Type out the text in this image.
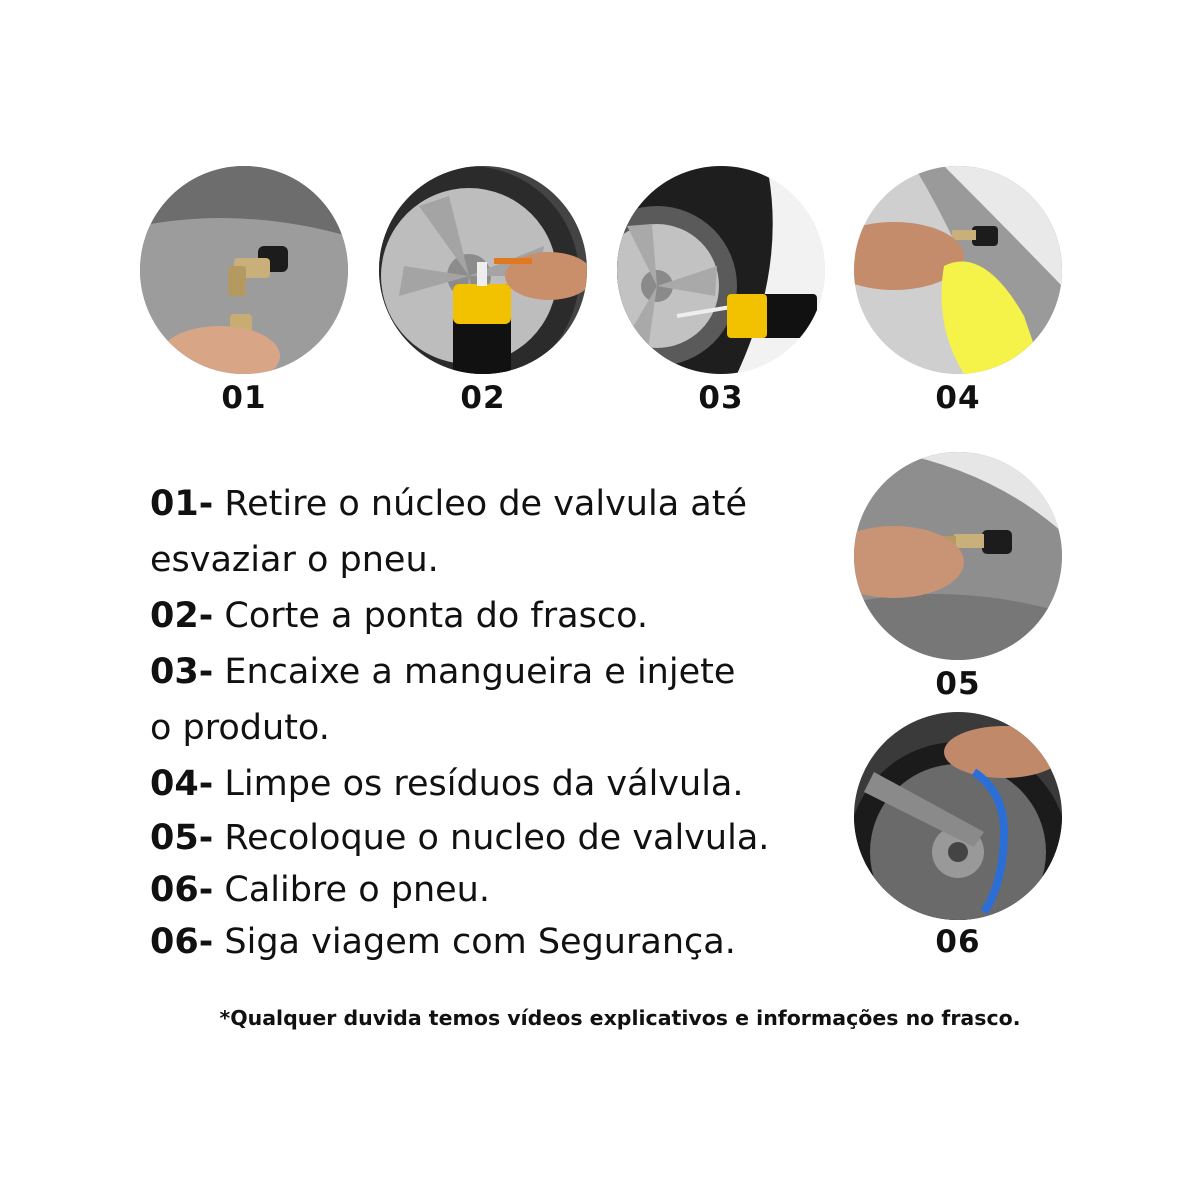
01
BLOCK
02	03	04
05
06
01- Retire o núcleo de valvula até
esvaziar o pneu.
02- Corte a ponta do frasco.
03- Encaixe a mangueira e injete
o produto.
04- Limpe os resíduos da válvula.
05- Recoloque o nucleo de valvula.
06- Calibre o pneu.
06- Siga viagem com Segurança.
*Qualquer duvida temos vídeos explicativos e informações no frasco.
